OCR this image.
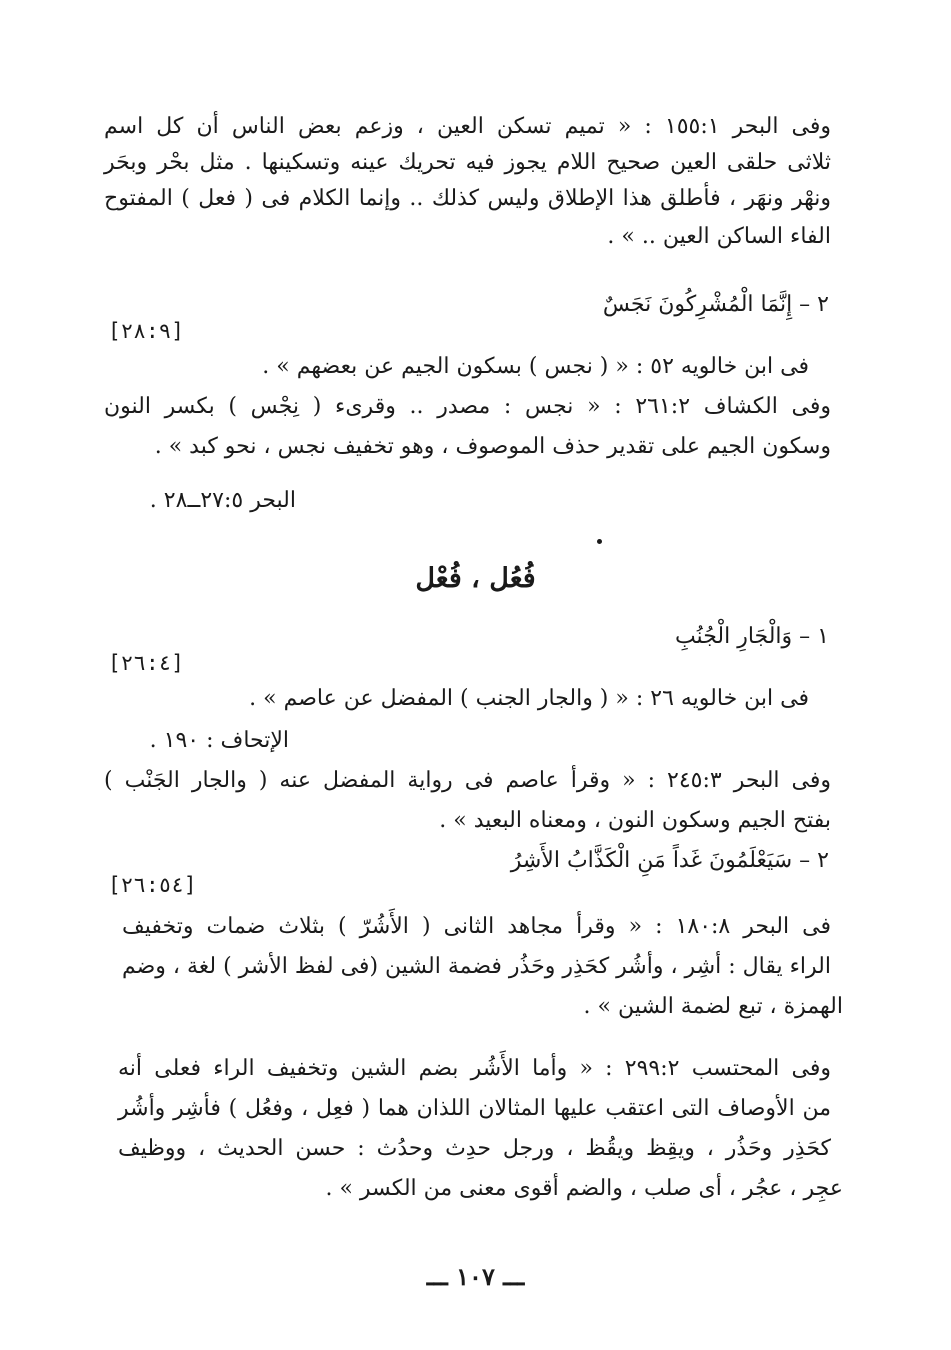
وفى البحر ١٥٥:١ : « تميم تسكن العين ، وزعم بعض الناس أن كل اسم
ثلاثى حلقى العين صحيح اللام يجوز فيه تحريك عينه وتسكينها . مثل بحْر وبحَر
ونهْر ونهَر ، فأطلق هذا الإطلاق وليس كذلك .. وإنما الكلام فى ( فعل ) المفتوح
الفاء الساكن العين .. » .
٢ – إِنَّمَا الْمُشْرِكُونَ نَجَسٌ
[٢٨:٩]
فى ابن خالويه ٥٢ : « ( نجس ) بسكون الجيم عن بعضهم » .
وفى الكشاف ٢٦١:٢ : « نجس : مصدر .. وقرىء ( نِجْس ) بكسر النون
وسكون الجيم على تقدير حذف الموصوف ، وهو تخفيف نجس ، نحو كبد » .
البحر ٢٧:٥ــ٢٨ .
فُعُل ، فُعْل
١ – وَالْجَارِ الْجُنُبِ
[٢٦:٤]
فى ابن خالويه ٢٦ : « ( والجار الجنب ) المفضل عن عاصم » .
الإتحاف : ١٩٠ .
وفى البحر ٢٤٥:٣ : « وقرأ عاصم فى رواية المفضل عنه ( والجار الجَنْب )
بفتح الجيم وسكون النون ، ومعناه البعيد » .
٢ – سَيَعْلَمُونَ غَداً مَنِ الْكَذَّابُ الأَشِرُ
[٢٦:٥٤]
فى البحر ١٨٠:٨ : « وقرأ مجاهد الثانى ( الأَشُرّ ) بثلاث ضمات وتخفيف
الراء يقال : أشِر ، وأشُر كحَذِر وحَذُر فضمة الشين (فى لفظ الأشر ) لغة ، وضم
الهمزة ، تبع لضمة الشين » .
وفى المحتسب ٢٩٩:٢ : « وأما الأَشُر بضم الشين وتخفيف الراء فعلى أنه
من الأوصاف التى اعتقب عليها المثالان اللذان هما ( فعِل ، وفعُل ) فأشِر وأشُر
كحَذِر وحَذُر ، ويقِظ ويقُظ ، ورجل حدِث وحدُث : حسن الحديث ، ووظيف
عجِر ، عجُر ، أى صلب ، والضم أقوى معنى من الكسر » .
ـــ ١٠٧ ـــ
